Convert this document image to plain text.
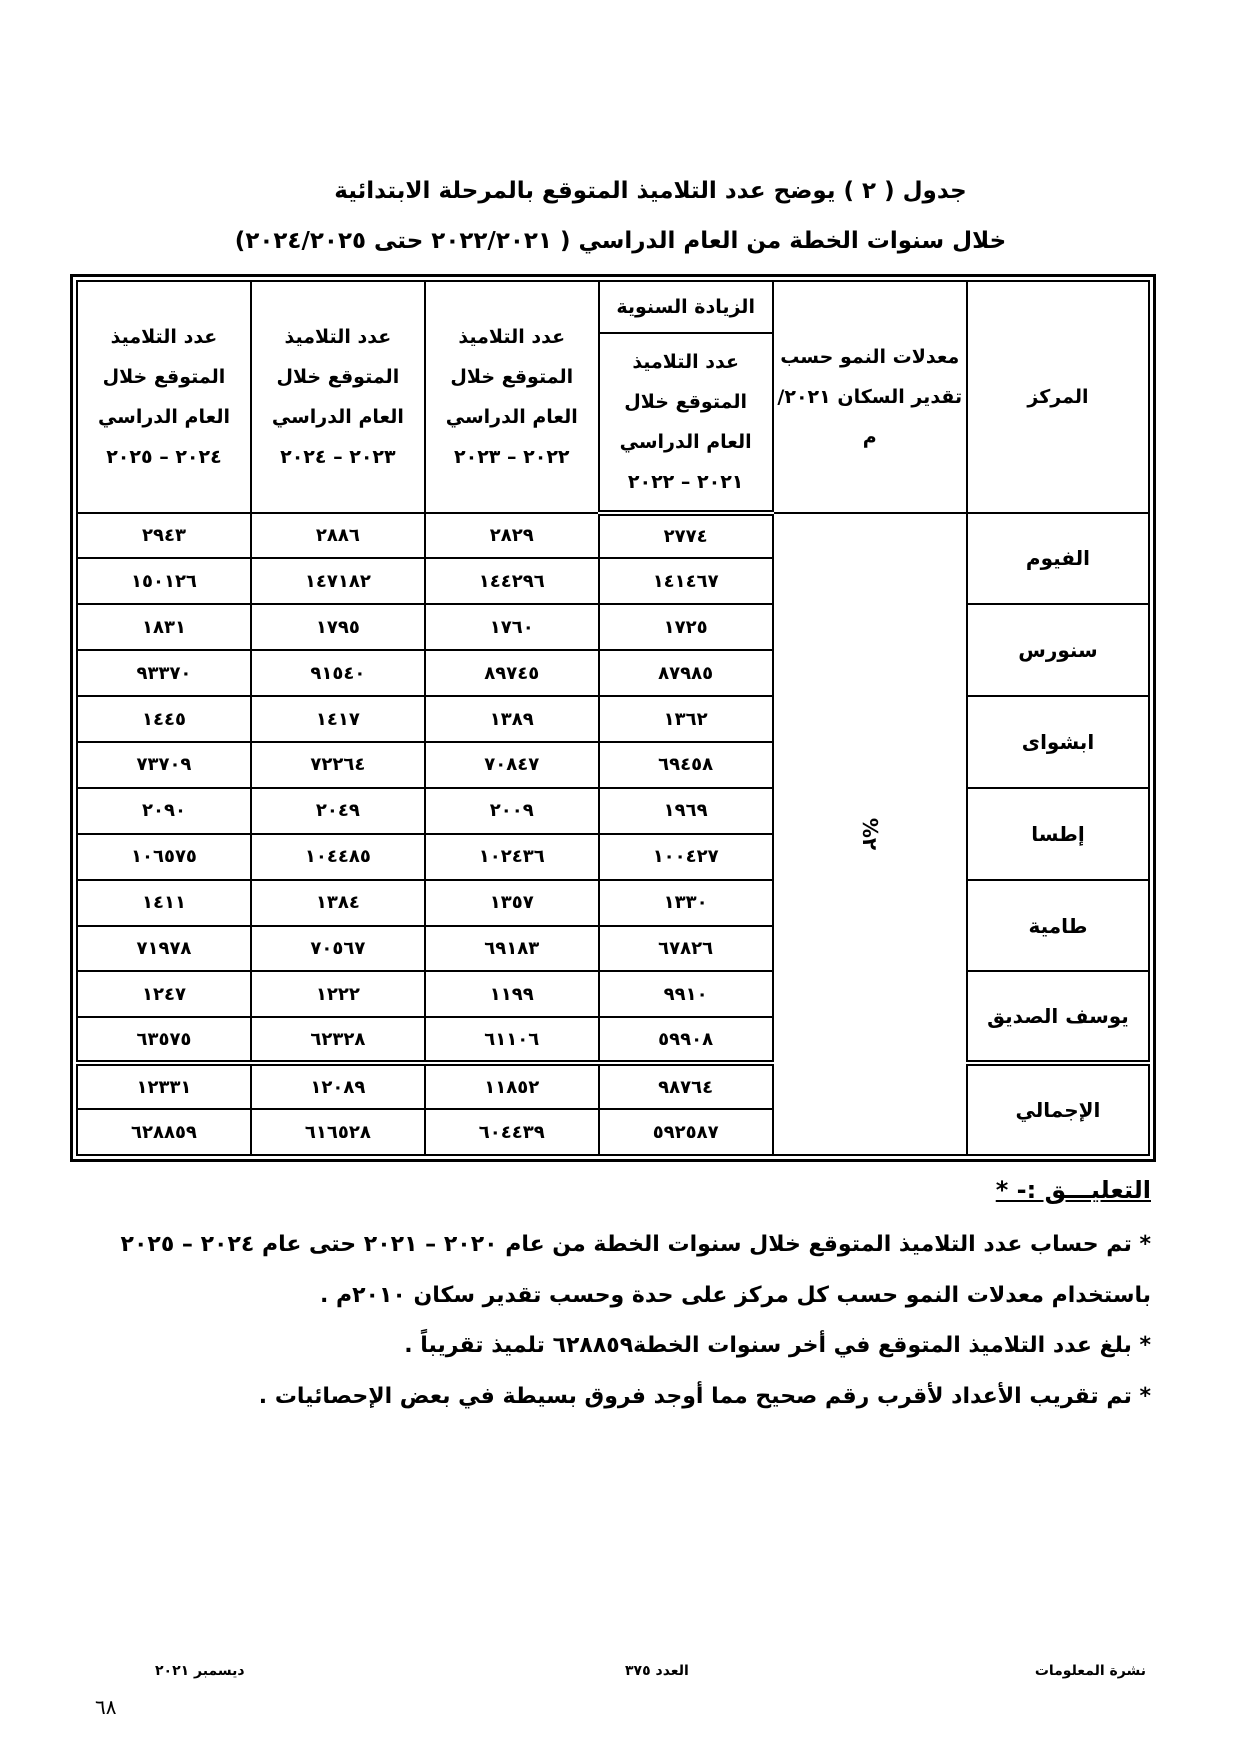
جدول ( ٢ ) يوضح عدد التلاميذ المتوقع بالمرحلة الابتدائية
خلال سنوات الخطة من العام الدراسي ( ٢٠٢٢/٢٠٢١ حتى ٢٠٢٤/٢٠٢٥)
المركز	معدلات النمو حسب تقدير السكان ٢٠٢١/ م	الزيادة السنوية	عدد التلاميذ المتوقع خلال العام الدراسي ٢٠٢٢ – ٢٠٢٣	عدد التلاميذ المتوقع خلال العام الدراسي ٢٠٢٣ – ٢٠٢٤	عدد التلاميذ المتوقع خلال العام الدراسي ٢٠٢٤ – ٢٠٢٥
		عدد التلاميذ المتوقع خلال العام الدراسي ٢٠٢١ – ٢٠٢٢			
الفيوم	٢%	٢٧٧٤	٢٨٢٩	٢٨٨٦	٢٩٤٣
		١٤١٤٦٧	١٤٤٢٩٦	١٤٧١٨٢	١٥٠١٢٦
سنورس		١٧٢٥	١٧٦٠	١٧٩٥	١٨٣١
		٨٧٩٨٥	٨٩٧٤٥	٩١٥٤٠	٩٣٣٧٠
ابشواى		١٣٦٢	١٣٨٩	١٤١٧	١٤٤٥
		٦٩٤٥٨	٧٠٨٤٧	٧٢٢٦٤	٧٣٧٠٩
إطسا		١٩٦٩	٢٠٠٩	٢٠٤٩	٢٠٩٠
		١٠٠٤٢٧	١٠٢٤٣٦	١٠٤٤٨٥	١٠٦٥٧٥
طامية		١٣٣٠	١٣٥٧	١٣٨٤	١٤١١
		٦٧٨٢٦	٦٩١٨٣	٧٠٥٦٧	٧١٩٧٨
يوسف الصديق		٩٩١٠	١١٩٩	١٢٢٢	١٢٤٧
		٥٩٩٠٨	٦١١٠٦	٦٢٣٢٨	٦٣٥٧٥
الإجمالي		٩٨٧٦٤	١١٨٥٢	١٢٠٨٩	١٢٣٣١
		٥٩٢٥٨٧	٦٠٤٤٣٩	٦١٦٥٢٨	٦٢٨٨٥٩
التعليـــق :- *
* تم حساب عدد التلاميذ المتوقع خلال سنوات الخطة من عام ٢٠٢٠ – ٢٠٢١ حتى عام ٢٠٢٤ – ٢٠٢٥
باستخدام معدلات النمو حسب كل مركز على حدة وحسب تقدير سكان ٢٠١٠م .
* بلغ عدد التلاميذ المتوقع في أخر سنوات الخطة٦٢٨٨٥٩ تلميذ تقريباً .
* تم تقريب الأعداد لأقرب رقم صحيح مما أوجد فروق بسيطة في بعض الإحصائيات .
نشرة المعلومات
العدد ٣٧٥
ديسمبر ٢٠٢١
٦٨
